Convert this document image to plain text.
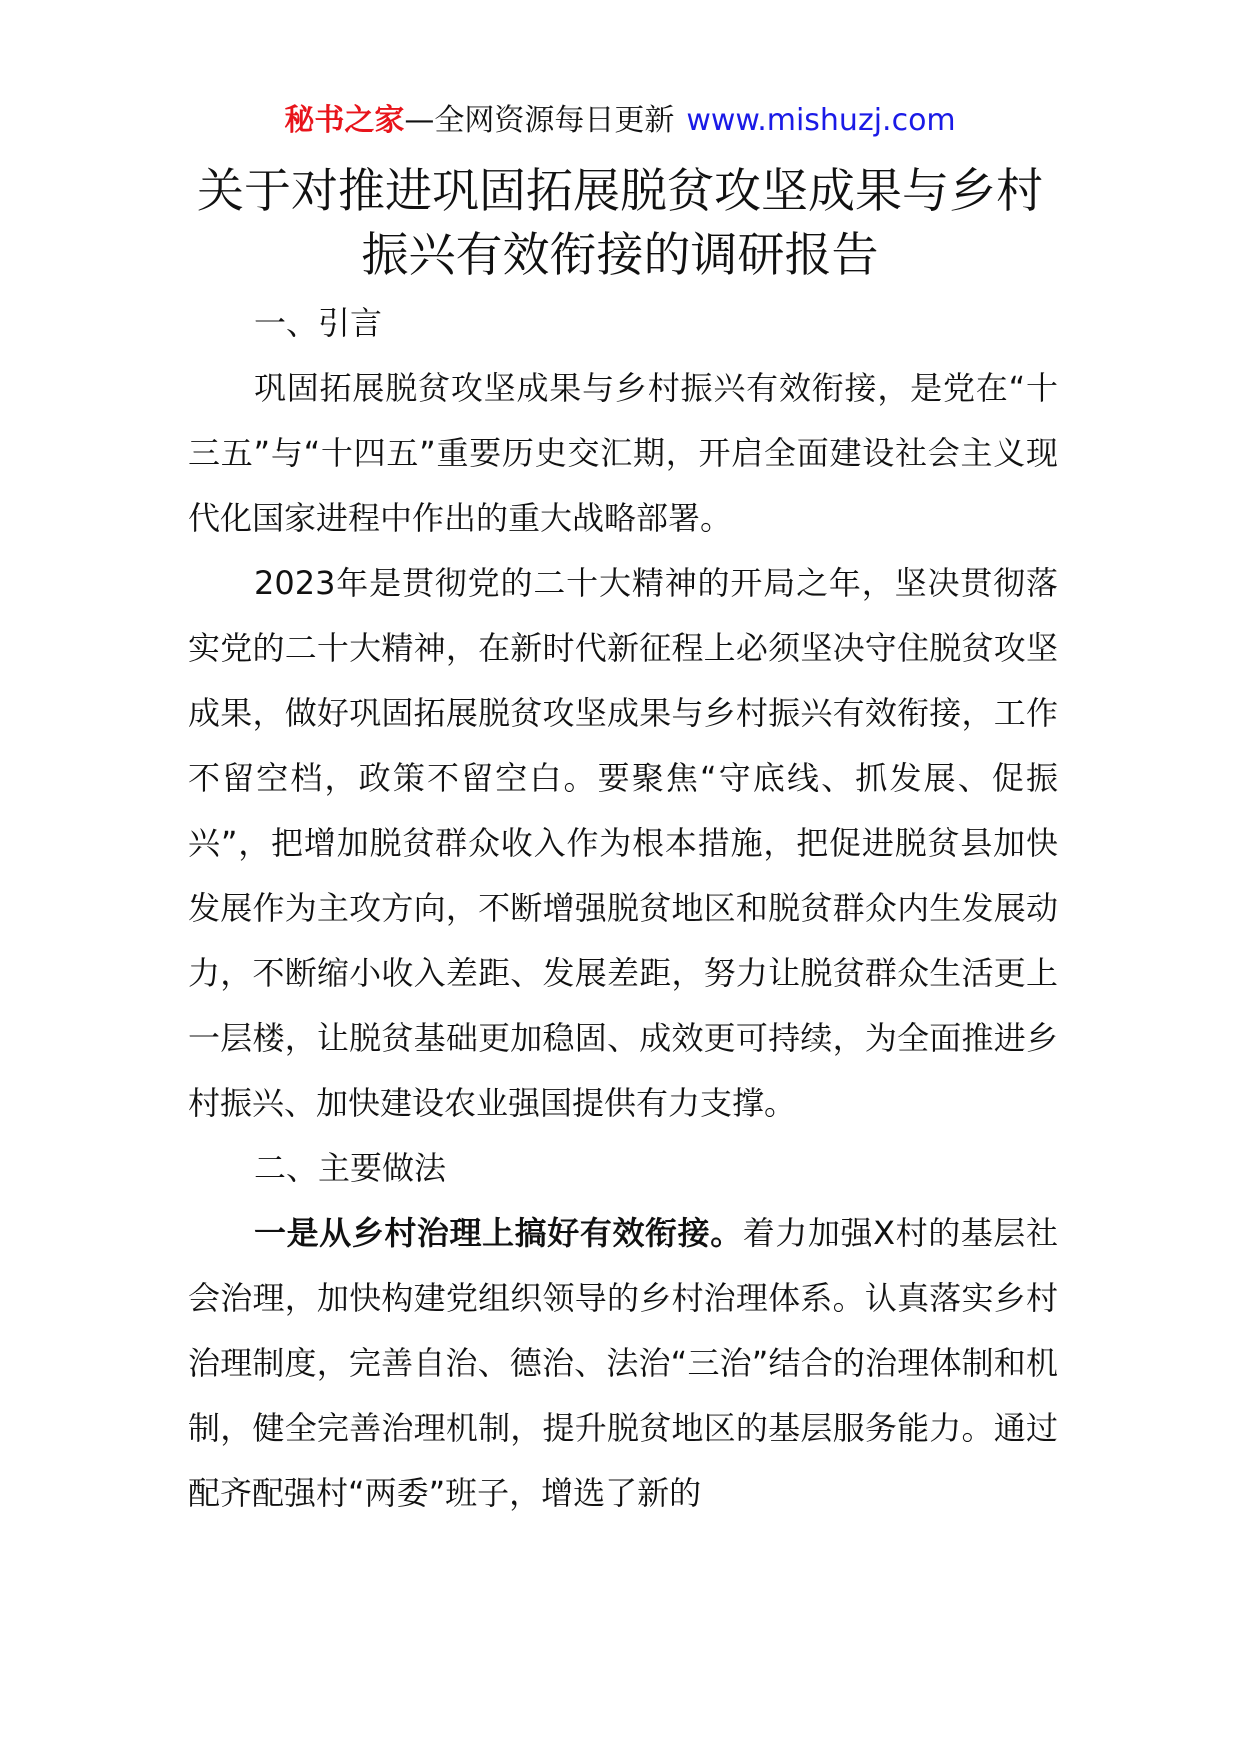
秘书之家—全网资源每日更新 www.mishuzj.com
关于对推进巩固拓展脱贫攻坚成果与乡村
振兴有效衔接的调研报告

一、引言

巩固拓展脱贫攻坚成果与乡村振兴有效衔接，是党在“十三五”与“十四五”重要历史交汇期，开启全面建设社会主义现代化国家进程中作出的重大战略部署。

2023年是贯彻党的二十大精神的开局之年，坚决贯彻落实党的二十大精神，在新时代新征程上必须坚决守住脱贫攻坚成果，做好巩固拓展脱贫攻坚成果与乡村振兴有效衔接，工作不留空档，政策不留空白。要聚焦“守底线、抓发展、促振兴”，把增加脱贫群众收入作为根本措施，把促进脱贫县加快发展作为主攻方向，不断增强脱贫地区和脱贫群众内生发展动力，不断缩小收入差距、发展差距，努力让脱贫群众生活更上一层楼，让脱贫基础更加稳固、成效更可持续，为全面推进乡村振兴、加快建设农业强国提供有力支撑。

二、主要做法

一是从乡村治理上搞好有效衔接。着力加强X村的基层社会治理，加快构建党组织领导的乡村治理体系。认真落实乡村治理制度，完善自治、德治、法治“三治”结合的治理体制和机制，健全完善治理机制，提升脱贫地区的基层服务能力。通过配齐配强村“两委”班子，增选了新的
